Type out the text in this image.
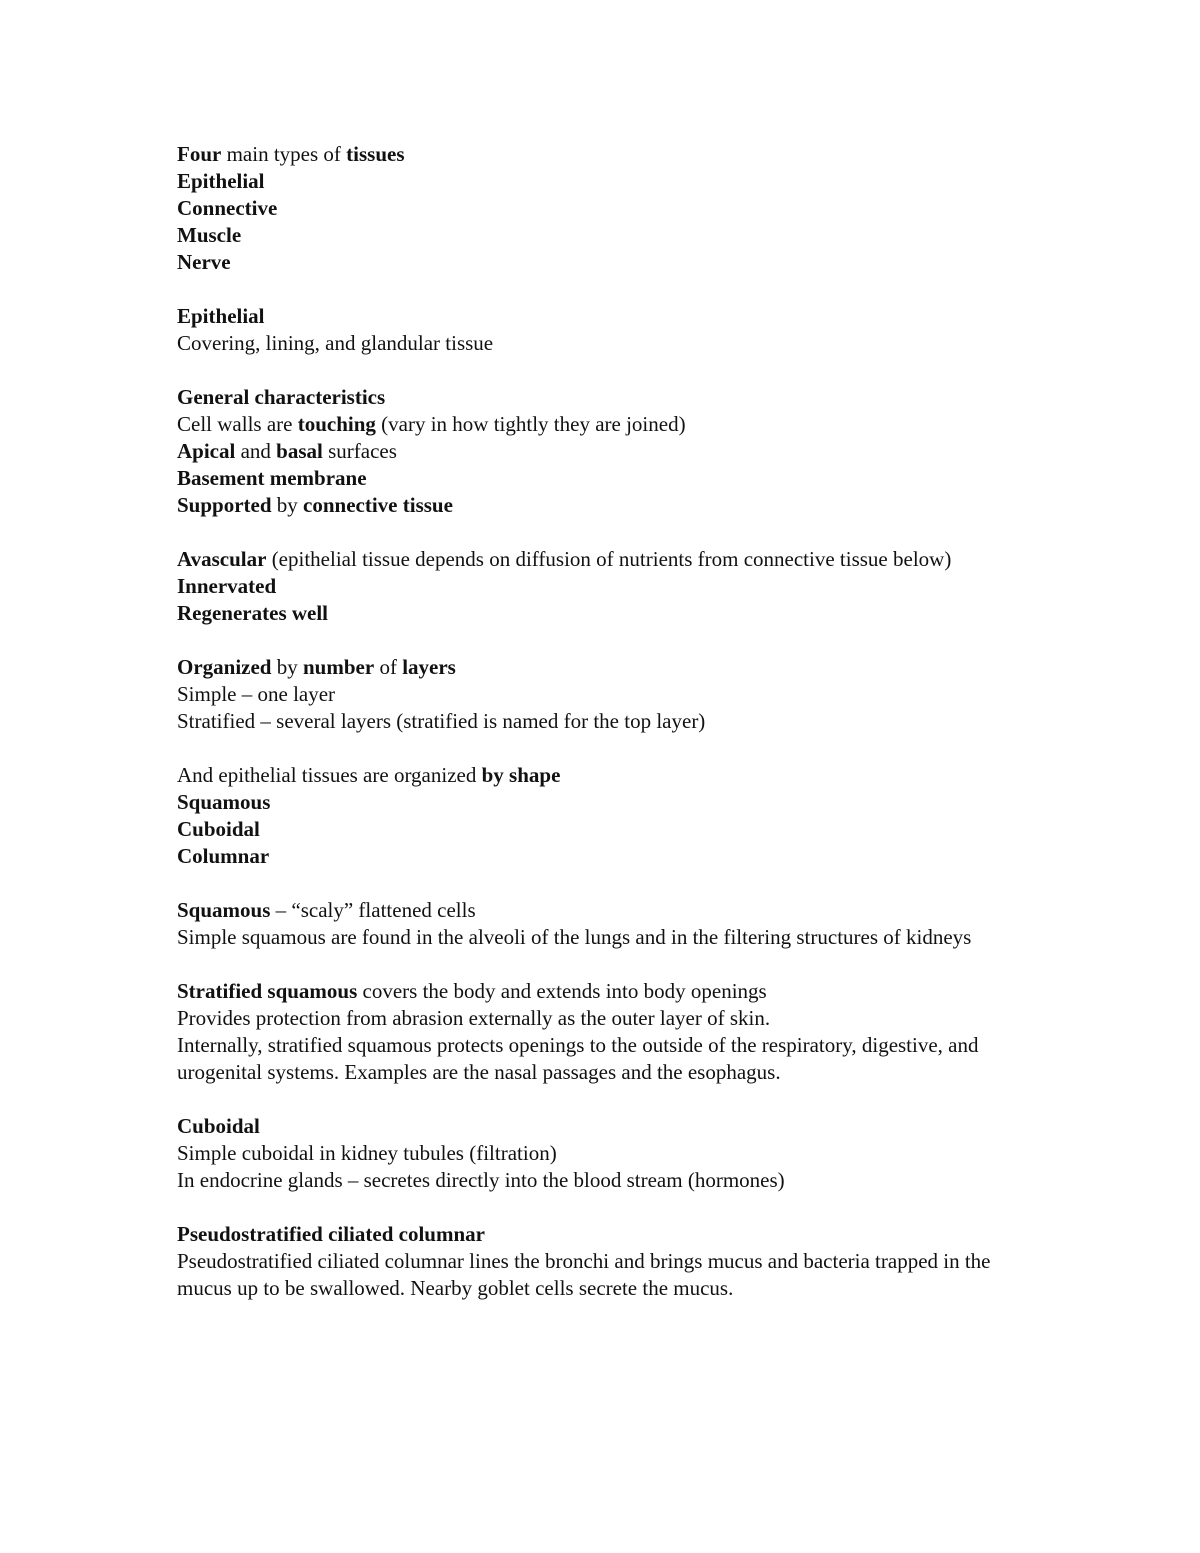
Four main types of tissues
Epithelial
Connective
Muscle
Nerve
Epithelial
Covering, lining, and glandular tissue
General characteristics
Cell walls are touching (vary in how tightly they are joined)
Apical and basal surfaces
Basement membrane
Supported by connective tissue
Avascular (epithelial tissue depends on diffusion of nutrients from connective tissue below)
Innervated
Regenerates well
Organized by number of layers
Simple – one layer
Stratified – several layers (stratified is named for the top layer)
And epithelial tissues are organized by shape
Squamous
Cuboidal
Columnar
Squamous – “scaly” flattened cells
Simple squamous are found in the alveoli of the lungs and in the filtering structures of kidneys
Stratified squamous covers the body and extends into body openings
Provides protection from abrasion externally as the outer layer of skin.
Internally, stratified squamous protects openings to the outside of the respiratory, digestive, and urogenital systems. Examples are the nasal passages and the esophagus.
Cuboidal
Simple cuboidal in kidney tubules (filtration)
In endocrine glands – secretes directly into the blood stream (hormones)
Pseudostratified ciliated columnar
Pseudostratified ciliated columnar lines the bronchi and brings mucus and bacteria trapped in the mucus up to be swallowed. Nearby goblet cells secrete the mucus.
